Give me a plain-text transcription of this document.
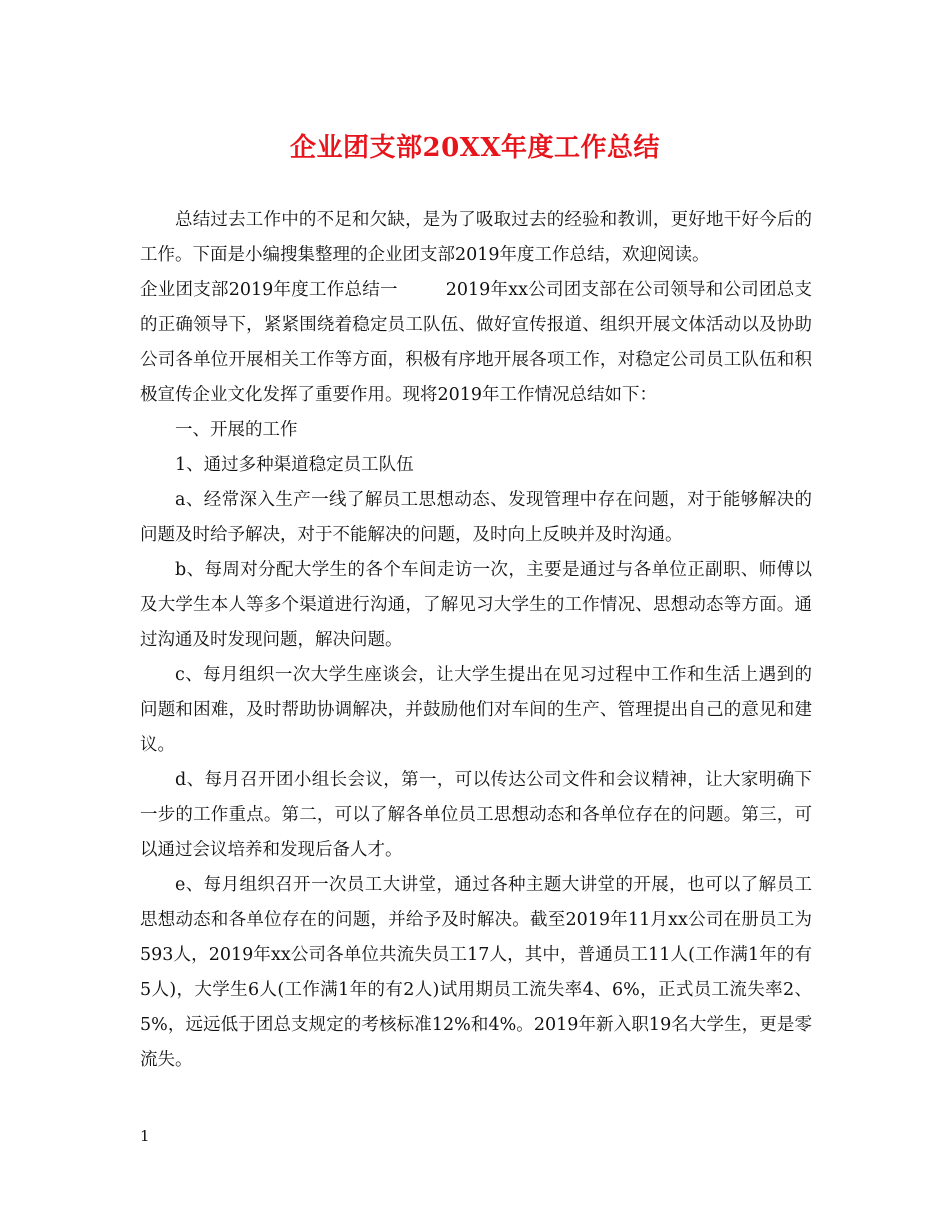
企业团支部20XX年度工作总结

总结过去工作中的不足和欠缺，是为了吸取过去的经验和教训，更好地干好今后的工作。下面是小编搜集整理的企业团支部2019年度工作总结，欢迎阅读。

企业团支部2019年度工作总结一	2019年xx公司团支部在公司领导和公司团总支的正确领导下，紧紧围绕着稳定员工队伍、做好宣传报道、组织开展文体活动以及协助公司各单位开展相关工作等方面，积极有序地开展各项工作，对稳定公司员工队伍和积极宣传企业文化发挥了重要作用。现将2019年工作情况总结如下：

一、开展的工作

1、通过多种渠道稳定员工队伍

a、经常深入生产一线了解员工思想动态、发现管理中存在问题，对于能够解决的问题及时给予解决，对于不能解决的问题，及时向上反映并及时沟通。

b、每周对分配大学生的各个车间走访一次，主要是通过与各单位正副职、师傅以及大学生本人等多个渠道进行沟通，了解见习大学生的工作情况、思想动态等方面。通过沟通及时发现问题，解决问题。

c、每月组织一次大学生座谈会，让大学生提出在见习过程中工作和生活上遇到的问题和困难，及时帮助协调解决，并鼓励他们对车间的生产、管理提出自己的意见和建议。

d、每月召开团小组长会议，第一，可以传达公司文件和会议精神，让大家明确下一步的工作重点。第二，可以了解各单位员工思想动态和各单位存在的问题。第三，可以通过会议培养和发现后备人才。

e、每月组织召开一次员工大讲堂，通过各种主题大讲堂的开展，也可以了解员工思想动态和各单位存在的问题，并给予及时解决。截至2019年11月xx公司在册员工为593人，2019年xx公司各单位共流失员工17人，其中，普通员工11人(工作满1年的有5人)，大学生6人(工作满1年的有2人)试用期员工流失率4、6%，正式员工流失率2、5%，远远低于团总支规定的考核标准12%和4%。2019年新入职19名大学生，更是零流失。

1
